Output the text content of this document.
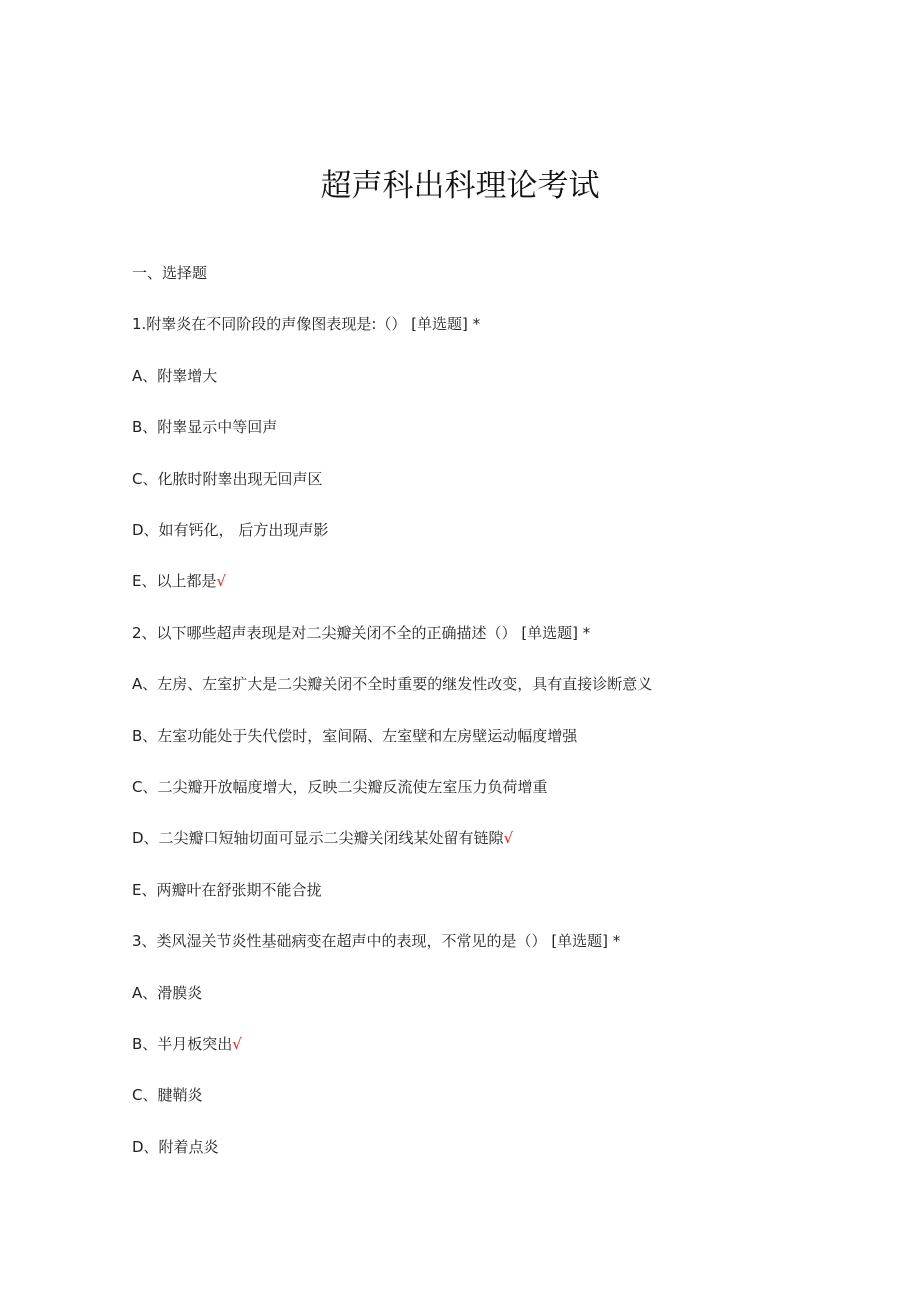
超声科出科理论考试
一、选择题
1.附睾炎在不同阶段的声像图表现是:（） [单选题] *
A、附睾增大
B、附睾显示中等回声
C、化脓时附睾出现无回声区
D、如有钙化， 后方出现声影
E、以上都是√
2、以下哪些超声表现是对二尖瓣关闭不全的正确描述（） [单选题] *
A、左房、左室扩大是二尖瓣关闭不全时重要的继发性改变，具有直接诊断意义
B、左室功能处于失代偿时，室间隔、左室壁和左房壁运动幅度增强
C、二尖瓣开放幅度增大，反映二尖瓣反流使左室压力负荷增重
D、二尖瓣口短轴切面可显示二尖瓣关闭线某处留有链隙√
E、两瓣叶在舒张期不能合拢
3、类风湿关节炎性基础病变在超声中的表现，不常见的是（） [单选题] *
A、滑膜炎
B、半月板突出√
C、腱鞘炎
D、附着点炎
